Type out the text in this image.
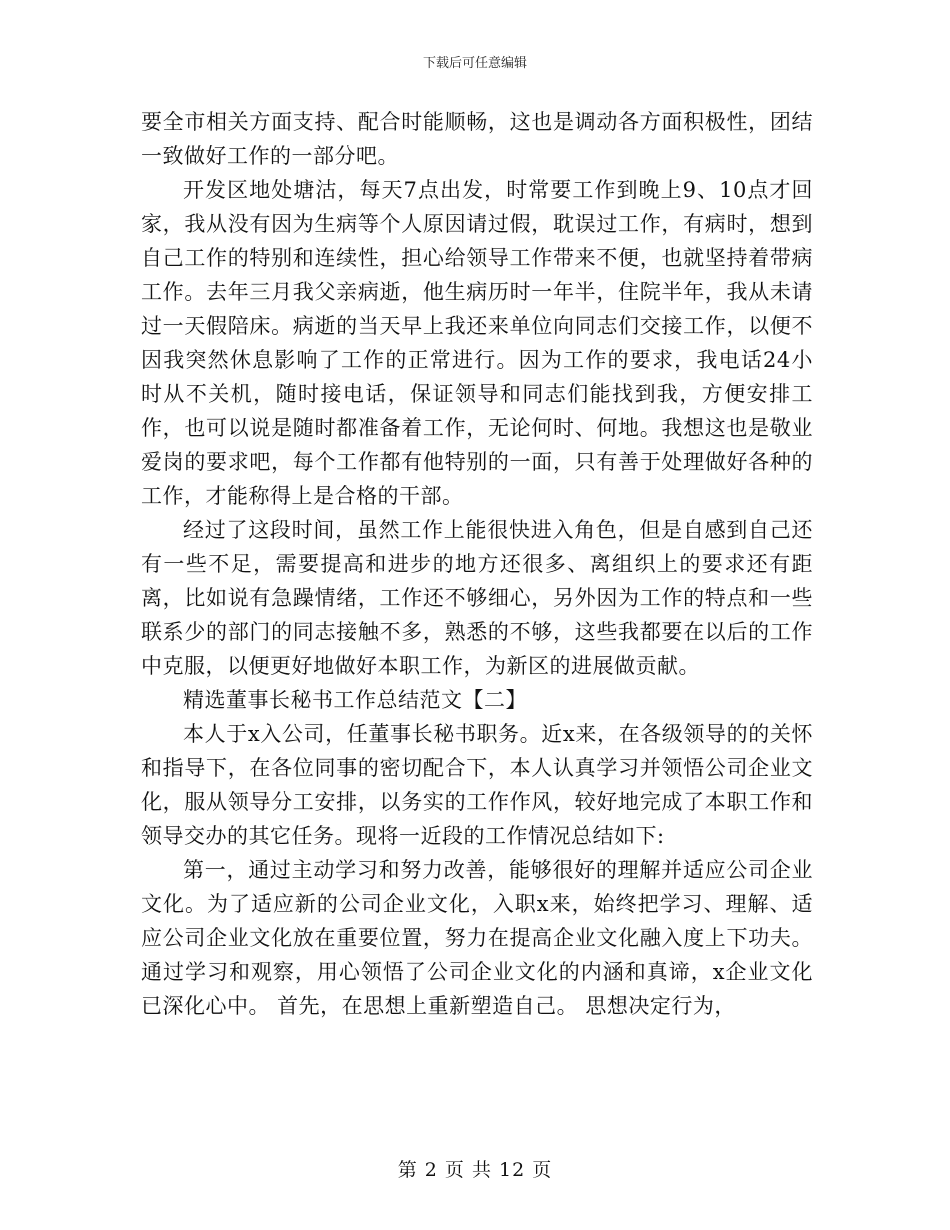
下载后可任意编辑

要全市相关方面支持、配合时能顺畅，这也是调动各方面积极性，团结一致做好工作的一部分吧。

开发区地处塘沽，每天7点出发，时常要工作到晚上9、10点才回家，我从没有因为生病等个人原因请过假，耽误过工作，有病时，想到自己工作的特别和连续性，担心给领导工作带来不便，也就坚持着带病工作。去年三月我父亲病逝，他生病历时一年半，住院半年，我从未请过一天假陪床。病逝的当天早上我还来单位向同志们交接工作，以便不因我突然休息影响了工作的正常进行。因为工作的要求，我电话24小时从不关机，随时接电话，保证领导和同志们能找到我，方便安排工作，也可以说是随时都准备着工作，无论何时、何地。我想这也是敬业爱岗的要求吧，每个工作都有他特别的一面，只有善于处理做好各种的工作，才能称得上是合格的干部。

经过了这段时间，虽然工作上能很快进入角色，但是自感到自己还有一些不足，需要提高和进步的地方还很多、离组织上的要求还有距离，比如说有急躁情绪，工作还不够细心，另外因为工作的特点和一些联系少的部门的同志接触不多，熟悉的不够，这些我都要在以后的工作中克服，以便更好地做好本职工作，为新区的进展做贡献。

精选董事长秘书工作总结范文【二】

本人于x入公司，任董事长秘书职务。近x来，在各级领导的的关怀和指导下，在各位同事的密切配合下，本人认真学习并领悟公司企业文化，服从领导分工安排，以务实的工作作风，较好地完成了本职工作和领导交办的其它任务。现将一近段的工作情况总结如下:

第一，通过主动学习和努力改善，能够很好的理解并适应公司企业文化。为了适应新的公司企业文化，入职x来，始终把学习、理解、适应公司企业文化放在重要位置，努力在提高企业文化融入度上下功夫。通过学习和观察，用心领悟了公司企业文化的内涵和真谛，x企业文化已深化心中。 首先，在思想上重新塑造自己。 思想决定行为，

第 2 页 共 12 页
